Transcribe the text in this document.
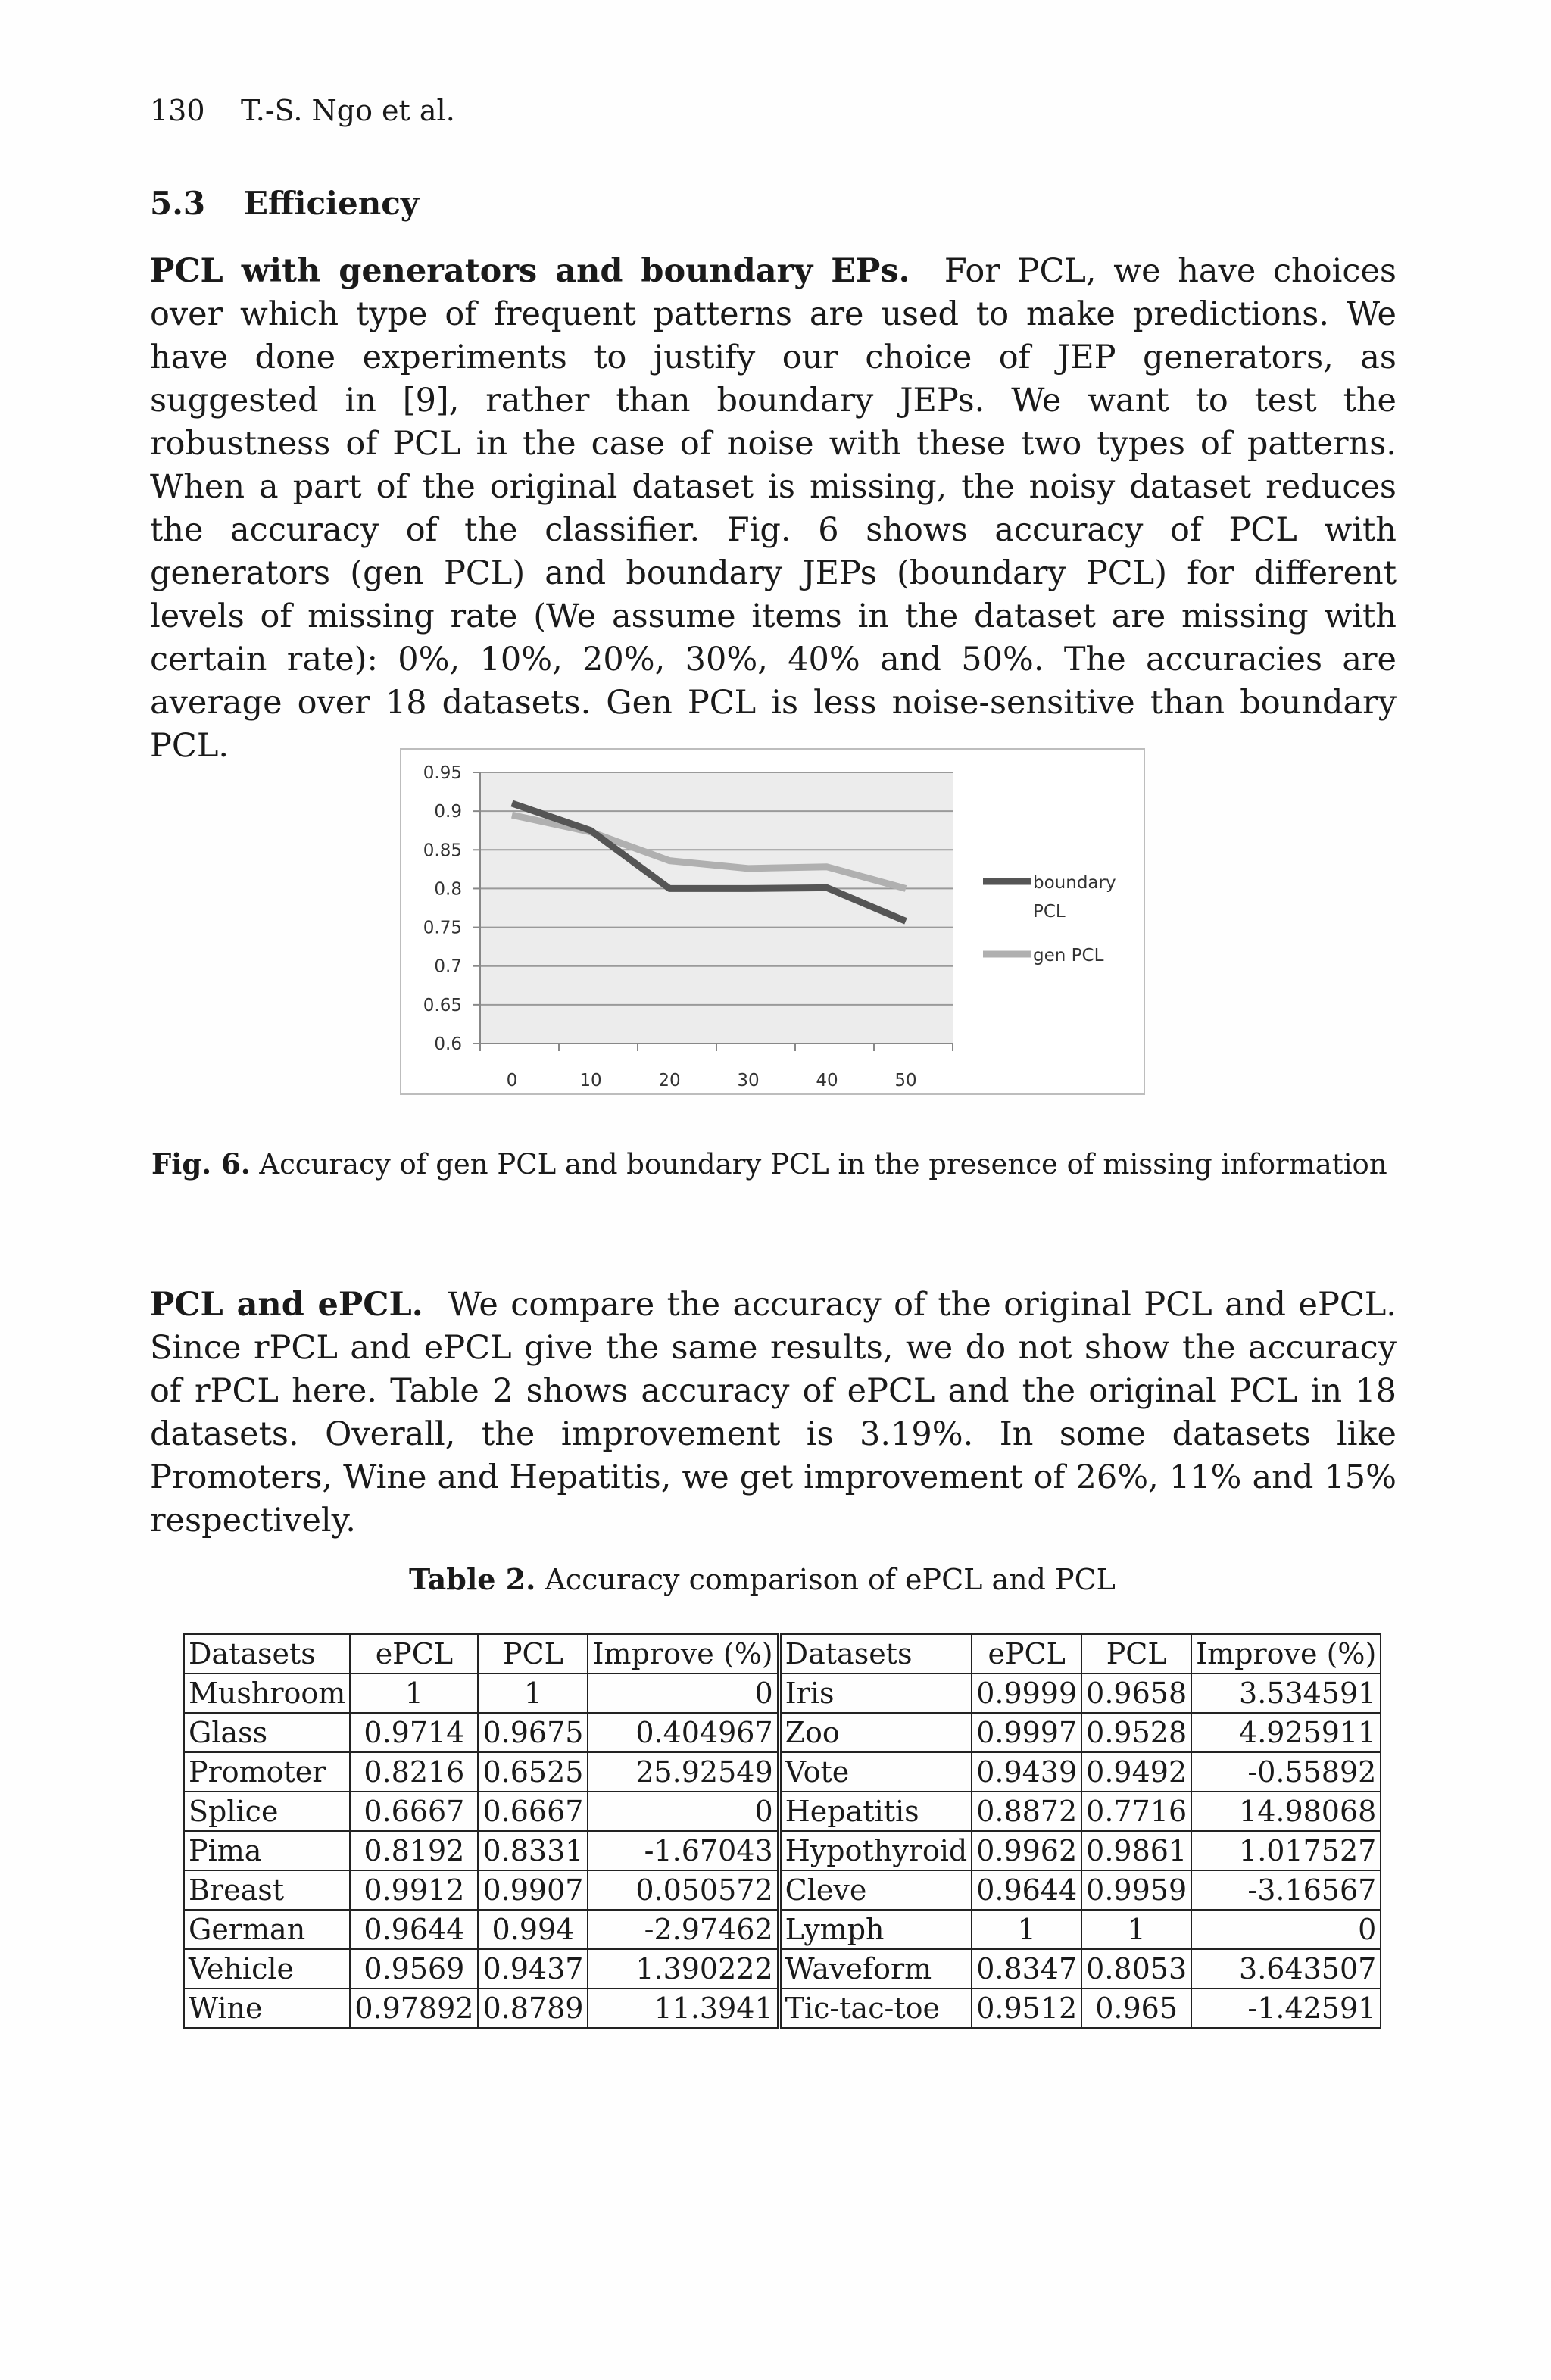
130 T.-S. Ngo et al.
5.3 Efficiency
PCL with generators and boundary EPs. For PCL, we have choices over which type of frequent patterns are used to make predictions. We have done experiments to justify our choice of JEP generators, as suggested in [9], rather than boundary JEPs. We want to test the robustness of PCL in the case of noise with these two types of patterns. When a part of the original dataset is missing, the noisy dataset reduces the accuracy of the classifier. Fig. 6 shows accuracy of PCL with generators (gen PCL) and boundary JEPs (boundary PCL) for different levels of missing rate (We assume items in the dataset are missing with certain rate): 0%, 10%, 20%, 30%, 40% and 50%. The accuracies are average over 18 datasets. Gen PCL is less noise-sensitive than boundary PCL.
0.95
0.9
0.85
0.8
0.75
0.7
0.65
0.6
0	10	20	30	40	50
boundary
PCL
gen PCL
Fig. 6. Accuracy of gen PCL and boundary PCL in the presence of missing information
PCL and ePCL. We compare the accuracy of the original PCL and ePCL. Since rPCL and ePCL give the same results, we do not show the accuracy of rPCL here. Table 2 shows accuracy of ePCL and the original PCL in 18 datasets. Overall, the improvement is 3.19%. In some datasets like Promoters, Wine and Hepatitis, we get improvement of 26%, 11% and 15% respectively.
Table 2. Accuracy comparison of ePCL and PCL
Datasets	ePCL	PCL	Improve (%)	Datasets	ePCL	PCL	Improve (%)
Mushroom	1	1	0	Iris	0.9999	0.9658	3.534591
Glass	0.9714	0.9675	0.404967	Zoo	0.9997	0.9528	4.925911
Promoter	0.8216	0.6525	25.92549	Vote	0.9439	0.9492	-0.55892
Splice	0.6667	0.6667	0	Hepatitis	0.8872	0.7716	14.98068
Pima	0.8192	0.8331	-1.67043	Hypothyroid	0.9962	0.9861	1.017527
Breast	0.9912	0.9907	0.050572	Cleve	0.9644	0.9959	-3.16567
German	0.9644	0.994	-2.97462	Lymph	1	1	0
Vehicle	0.9569	0.9437	1.390222	Waveform	0.8347	0.8053	3.643507
Wine	0.97892	0.8789	11.3941	Tic-tac-toe	0.9512	0.965	-1.42591
